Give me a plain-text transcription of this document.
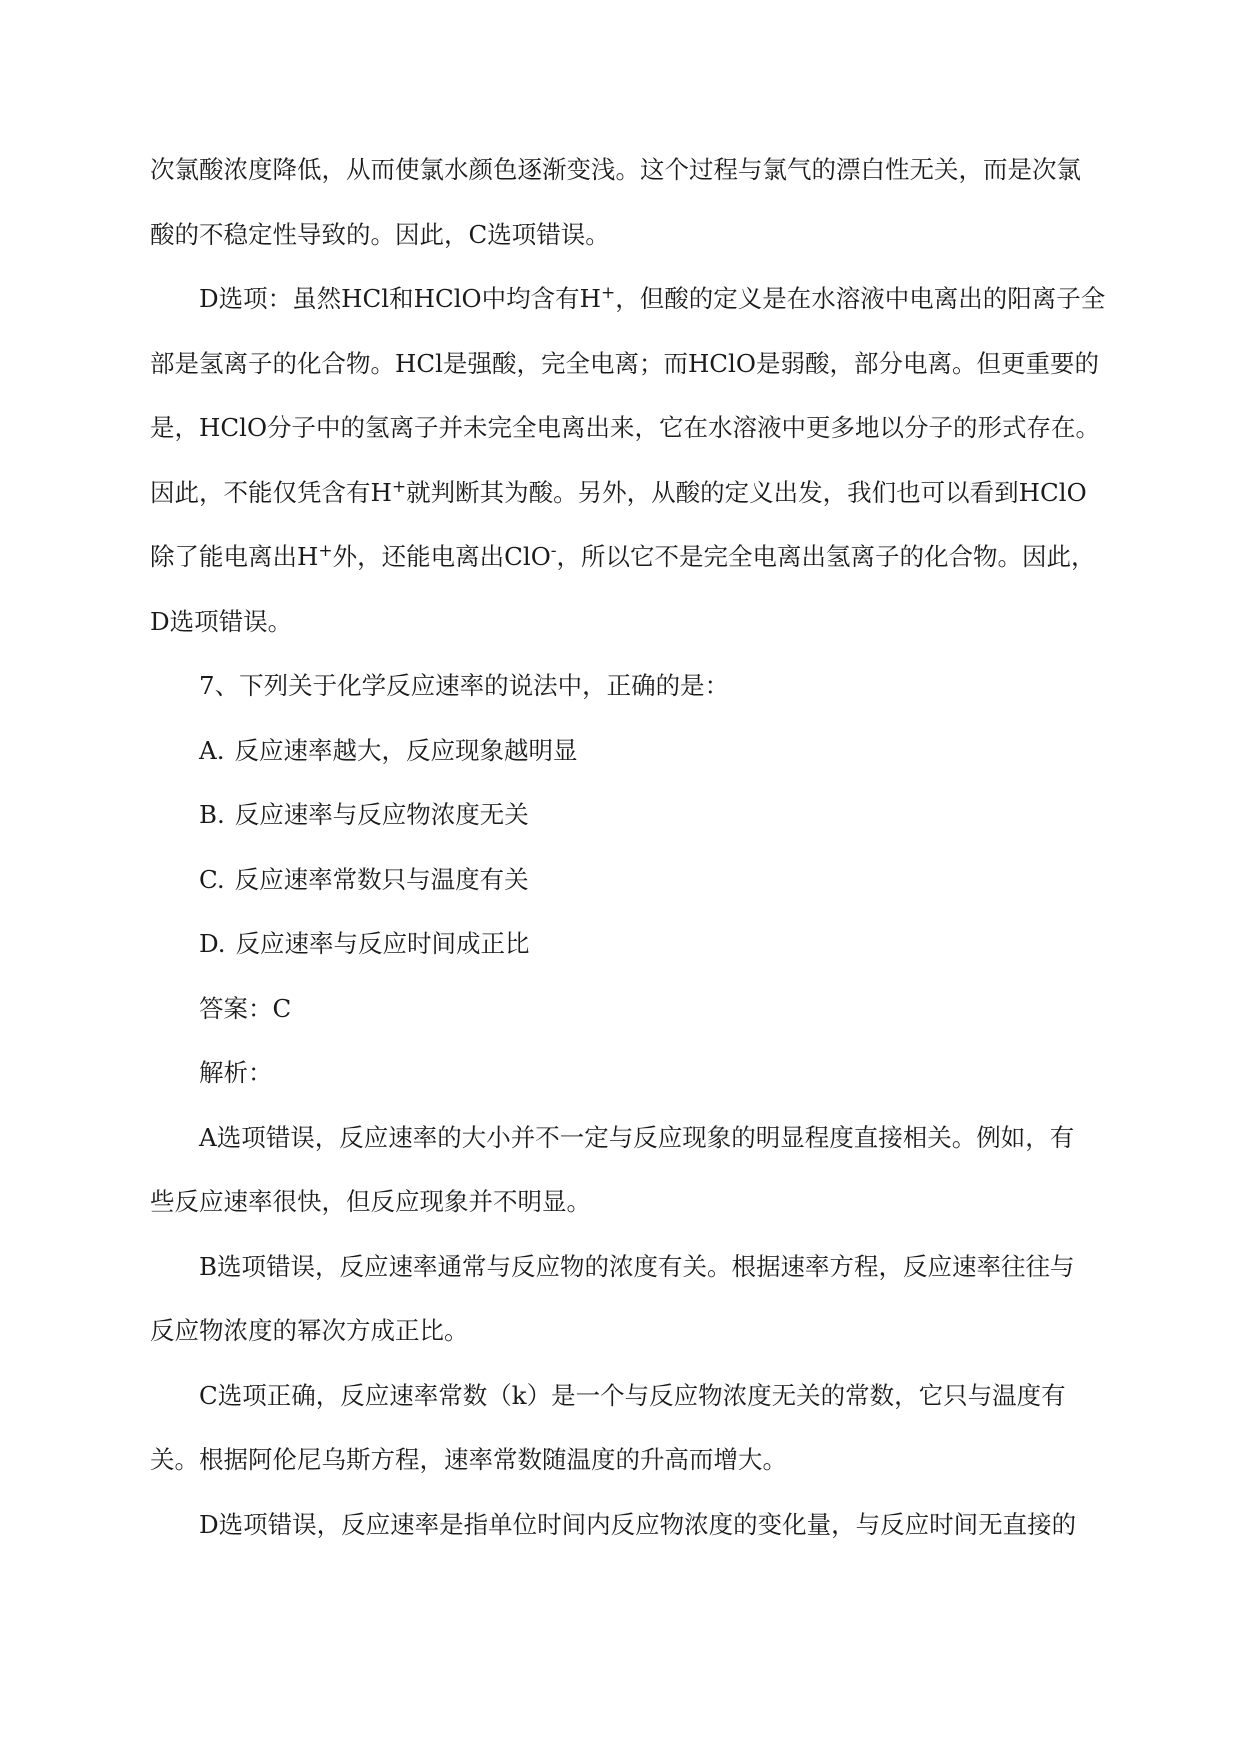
次氯酸浓度降低，从而使氯水颜色逐渐变浅。这个过程与氯气的漂白性无关，而是次氯
酸的不稳定性导致的。因此，C选项错误。
D选项：虽然HCl和HClO中均含有H+，但酸的定义是在水溶液中电离出的阳离子全
部是氢离子的化合物。HCl是强酸，完全电离；而HClO是弱酸，部分电离。但更重要的
是，HClO分子中的氢离子并未完全电离出来，它在水溶液中更多地以分子的形式存在。
因此，不能仅凭含有H+就判断其为酸。另外，从酸的定义出发，我们也可以看到HClO
除了能电离出H+外，还能电离出ClO-，所以它不是完全电离出氢离子的化合物。因此，
D选项错误。
7、下列关于化学反应速率的说法中，正确的是：
A. 反应速率越大，反应现象越明显
B. 反应速率与反应物浓度无关
C. 反应速率常数只与温度有关
D. 反应速率与反应时间成正比
答案：C
解析：
A选项错误，反应速率的大小并不一定与反应现象的明显程度直接相关。例如，有
些反应速率很快，但反应现象并不明显。
B选项错误，反应速率通常与反应物的浓度有关。根据速率方程，反应速率往往与
反应物浓度的幂次方成正比。
C选项正确，反应速率常数（k）是一个与反应物浓度无关的常数，它只与温度有
关。根据阿伦尼乌斯方程，速率常数随温度的升高而增大。
D选项错误，反应速率是指单位时间内反应物浓度的变化量，与反应时间无直接的
